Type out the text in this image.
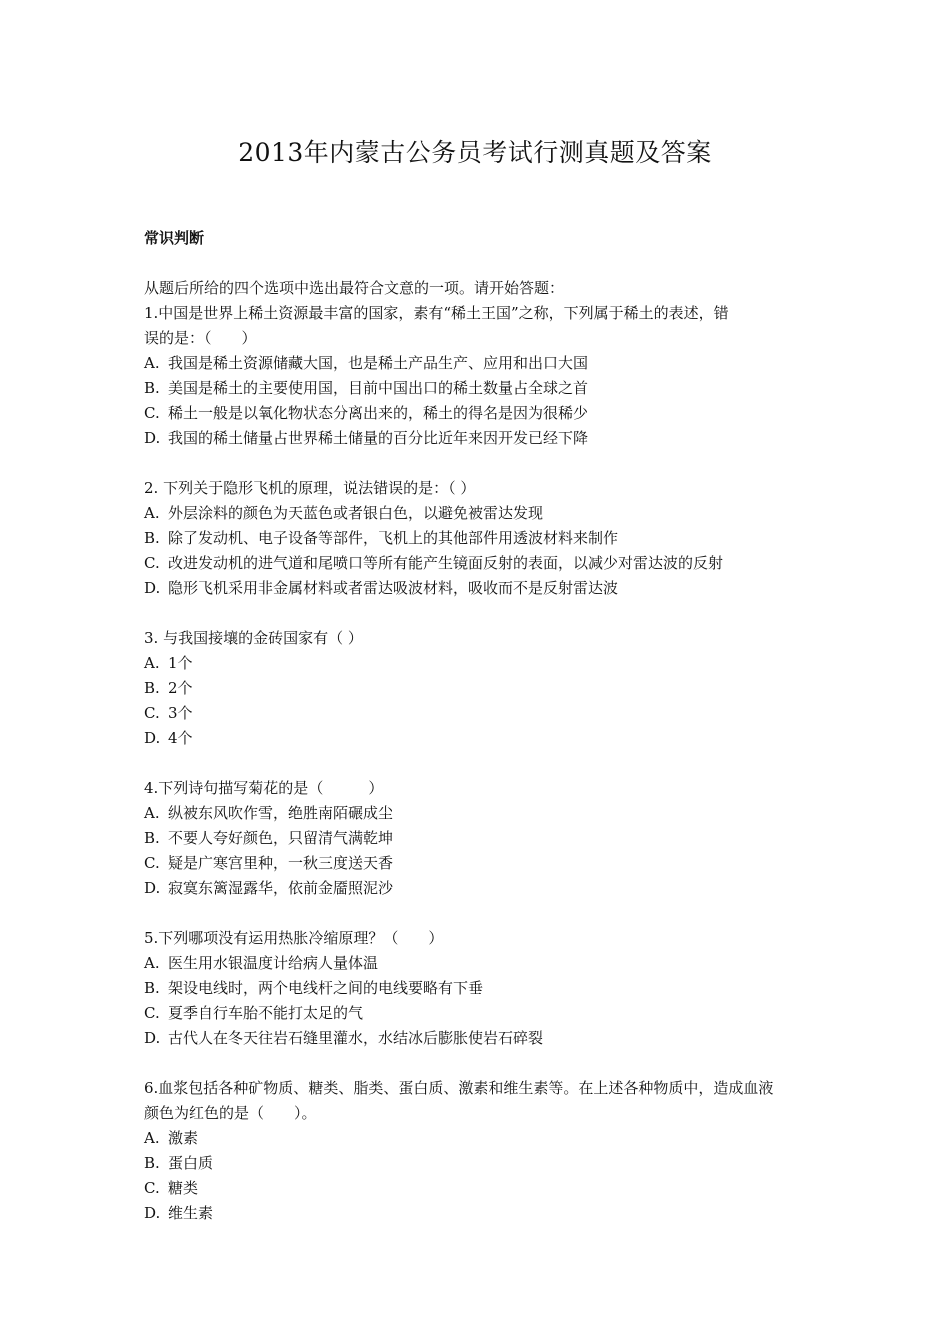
2013年内蒙古公务员考试行测真题及答案
常识判断
从题后所给的四个选项中选出最符合文意的一项。请开始答题：
1.中国是世界上稀土资源最丰富的国家，素有“稀土王国”之称，下列属于稀土的表述，错
误的是：（　　）
A. 我国是稀土资源储藏大国，也是稀土产品生产、应用和出口大国
B. 美国是稀土的主要使用国，目前中国出口的稀土数量占全球之首
C. 稀土一般是以氧化物状态分离出来的，稀土的得名是因为很稀少
D. 我国的稀土储量占世界稀土储量的百分比近年来因开发已经下降
2. 下列关于隐形飞机的原理，说法错误的是：（ ）
A. 外层涂料的颜色为天蓝色或者银白色，以避免被雷达发现
B. 除了发动机、电子设备等部件，飞机上的其他部件用透波材料来制作
C. 改进发动机的进气道和尾喷口等所有能产生镜面反射的表面，以减少对雷达波的反射
D. 隐形飞机采用非金属材料或者雷达吸波材料，吸收而不是反射雷达波
3. 与我国接壤的金砖国家有（ ）
A. 1个
B. 2个
C. 3个
D. 4个
4.下列诗句描写菊花的是（　　　）
A. 纵被东风吹作雪，绝胜南陌碾成尘
B. 不要人夸好颜色，只留清气满乾坤
C. 疑是广寒宫里种，一秋三度送天香
D. 寂寞东篱湿露华，依前金靥照泥沙
5.下列哪项没有运用热胀冷缩原理？（　　）
A. 医生用水银温度计给病人量体温
B. 架设电线时，两个电线杆之间的电线要略有下垂
C. 夏季自行车胎不能打太足的气
D. 古代人在冬天往岩石缝里灌水，水结冰后膨胀使岩石碎裂
6.血浆包括各种矿物质、糖类、脂类、蛋白质、激素和维生素等。在上述各种物质中，造成血液
颜色为红色的是（　　）。
A. 激素
B. 蛋白质
C. 糖类
D. 维生素
